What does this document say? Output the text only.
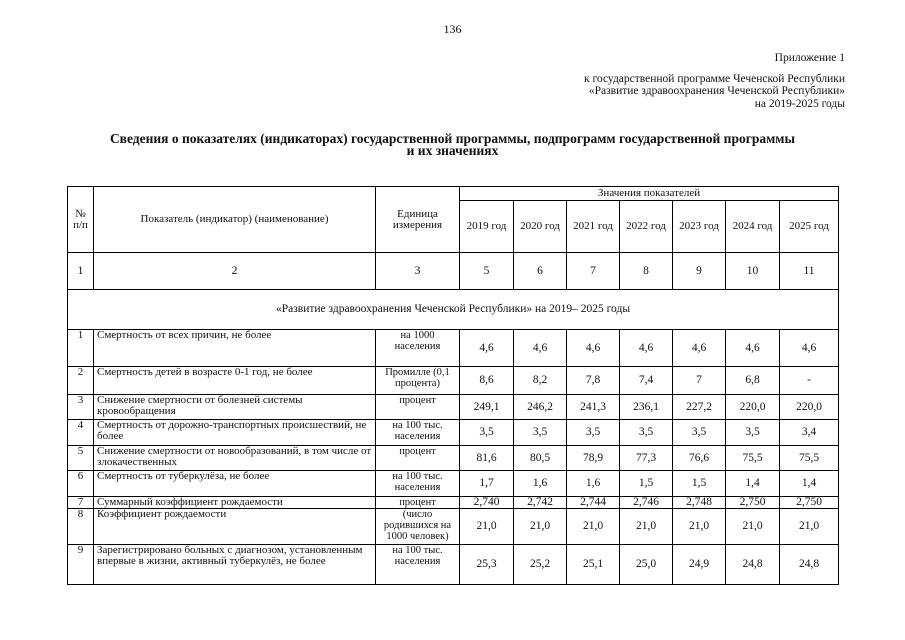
136
Приложение 1
к государственной программе Чеченской Республики
«Развитие здравоохранения Чеченской Республики»
на 2019-2025 годы
Сведения о показателях (индикаторах) государственной программы, подпрограмм государственной программы
и их значениях
№ п/п	Показатель (индикатор) (наименование)	Единица измерения	Значения показателей						
			2019 год	2020 год	2021 год	2022 год	2023 год	2024 год	2025 год
1	2	3	5	6	7	8	9	10	11
«Развитие здравоохранения Чеченской Республики» на 2019– 2025 годы									
1	Смертность от всех причин, не более	на 1000 населения	4,6	4,6	4,6	4,6	4,6	4,6	4,6
2	Смертность детей в возрасте 0-1 год, не более	Промилле (0,1 процента)	8,6	8,2	7,8	7,4	7	6,8	-
3	Снижение смертности от болезней системы кровообращения	процент	249,1	246,2	241,3	236,1	227,2	220,0	220,0
4	Смертность от дорожно-транспортных происшествий, не более	на 100 тыс. населения	3,5	3,5	3,5	3,5	3,5	3,5	3,4
5	Снижение смертности от новообразований, в том числе от злокачественных	процент	81,6	80,5	78,9	77,3	76,6	75,5	75,5
6	Смертность от туберкулёза, не более	на 100 тыс. населения	1,7	1,6	1,6	1,5	1,5	1,4	1,4
7	Суммарный коэффициент рождаемости	процент	2,740	2,742	2,744	2,746	2,748	2,750	2,750
8	Коэффициент рождаемости	(число родившихся на 1000 человек)	21,0	21,0	21,0	21,0	21,0	21,0	21,0
9	Зарегистрировано больных с диагнозом, установленным впервые в жизни, активный туберкулёз, не более	на 100 тыс. населения	25,3	25,2	25,1	25,0	24,9	24,8	24,8
